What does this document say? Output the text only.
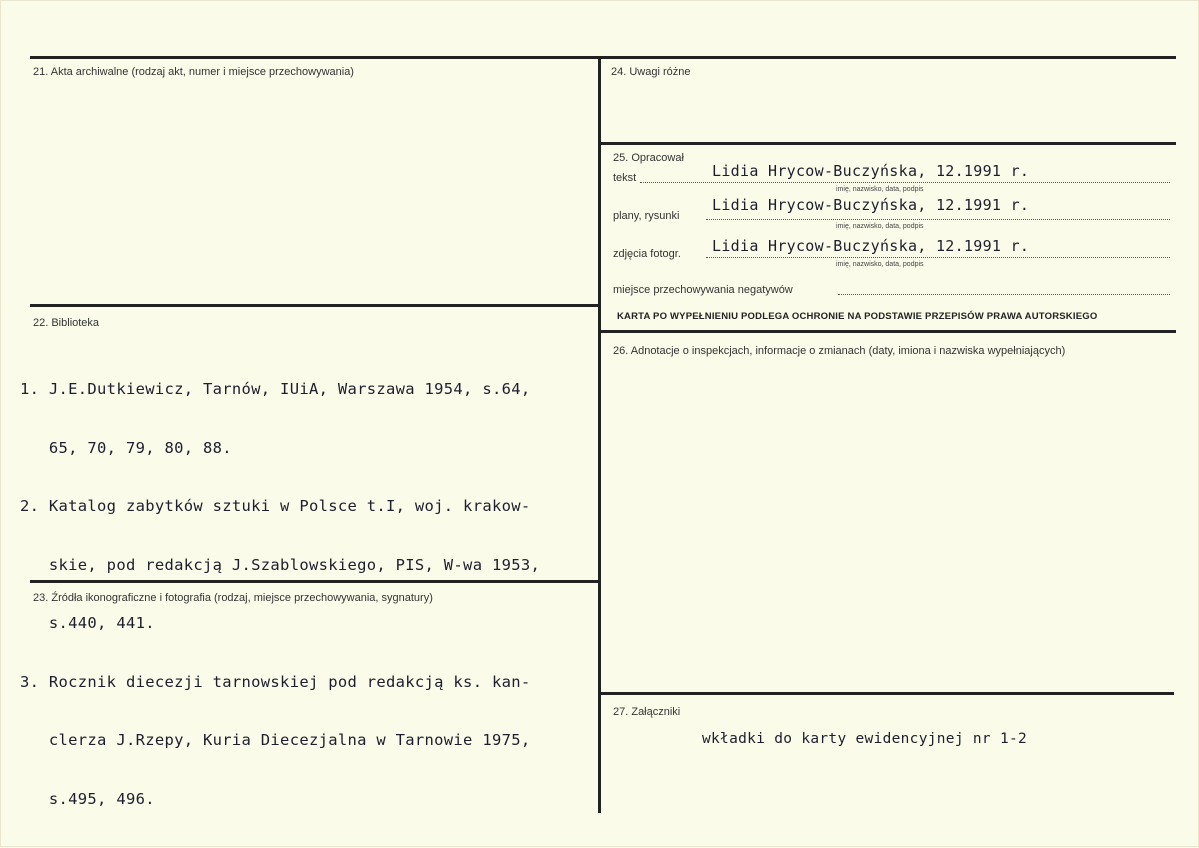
21. Akta archiwalne (rodzaj akt, numer i miejsce przechowywania)
22. Biblioteka

1. J.E.Dutkiewicz, Tarnów, IUiA, Warszawa 1954, s.64,

65, 70, 79, 80, 88.

2. Katalog zabytków sztuki w Polsce t.I, woj. krakow-

skie, pod redakcją J.Szablowskiego, PIS, W-wa 1953,

s.440, 441.

3. Rocznik diecezji tarnowskiej pod redakcją ks. kan-

clerza J.Rzepy, Kuria Diecezjalna w Tarnowie 1975,

s.495, 496.

23. Źródła ikonograficzne i fotografia (rodzaj, miejsce przechowywania, sygnatury)
24. Uwagi różne
25. Opracował
tekst	Lidia Hrycow-Buczyńska, 12.1991 r.
imię, nazwisko, data, podpis
plany, rysunki
Lidia Hrycow-Buczyńska, 12.1991 r.
imię, nazwisko, data, podpis
zdjęcia fotogr. Lidia Hrycow-Buczyńska, 12.1991 r.
imię, nazwisko, data, podpis
miejsce przechowywania negatywów
KARTA PO WYPEŁNIENIU PODLEGA OCHRONIE NA PODSTAWIE PRZEPISÓW PRAWA AUTORSKIEGO
26. Adnotacje o inspekcjach, informacje o zmianach (daty, imiona i nazwiska wypełniających)
27. Załączniki
wkładki do karty ewidencyjnej nr 1-2
